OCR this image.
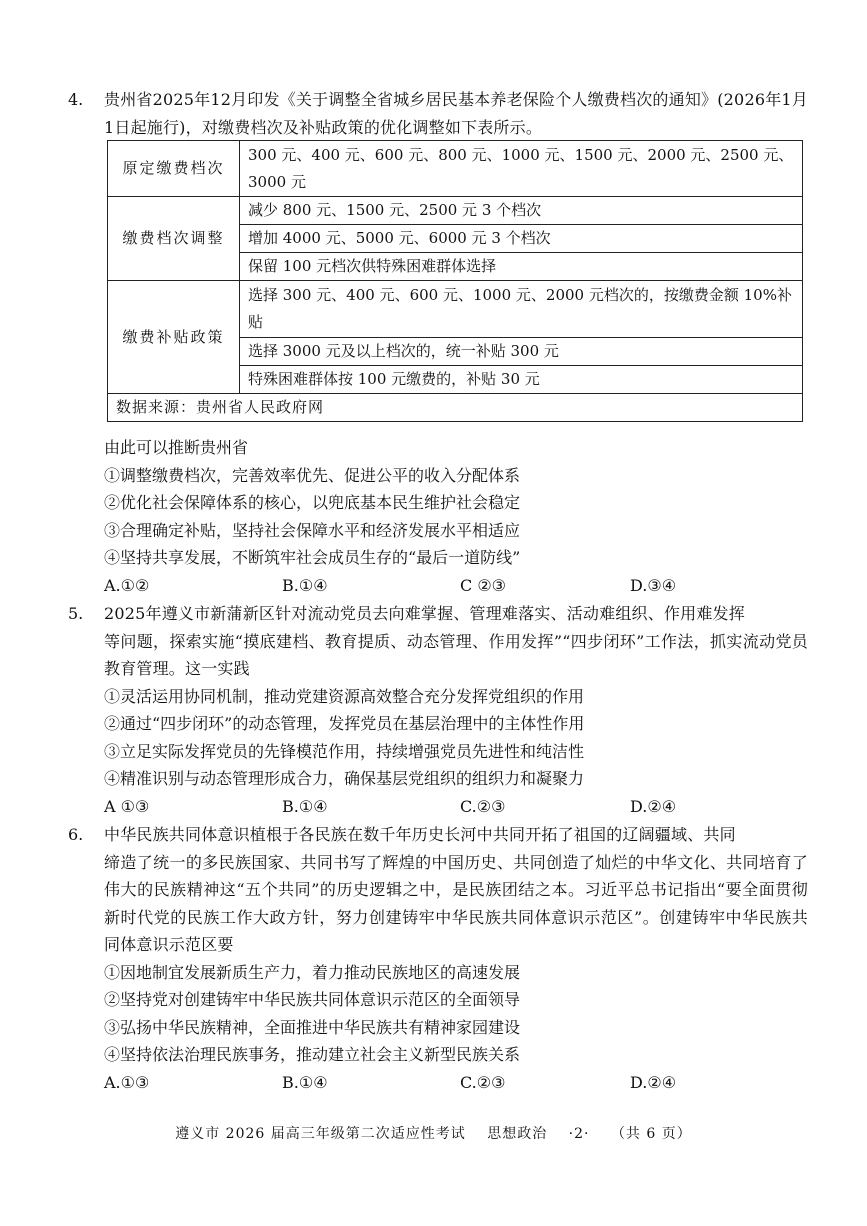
4.	贵州省2025年12月印发《关于调整全省城乡居民基本养老保险个人缴费档次的通知》(2026年1月1日起施行)，对缴费档次及补贴政策的优化调整如下表所示。
原定缴费档次	300 元、400 元、600 元、800 元、1000 元、1500 元、2000 元、2500 元、3000 元
缴费档次调整	减少 800 元、1500 元、2500 元 3 个档次
	增加 4000 元、5000 元、6000 元 3 个档次
	保留 100 元档次供特殊困难群体选择
缴费补贴政策	选择 300 元、400 元、600 元、1000 元、2000 元档次的，按缴费金额 10%补贴
	选择 3000 元及以上档次的，统一补贴 300 元
	特殊困难群体按 100 元缴费的，补贴 30 元
数据来源：贵州省人民政府网	
由此可以推断贵州省
①调整缴费档次，完善效率优先、促进公平的收入分配体系
②优化社会保障体系的核心，以兜底基本民生维护社会稳定
③合理确定补贴，坚持社会保障水平和经济发展水平相适应
④坚持共享发展，不断筑牢社会成员生存的“最后一道防线”
A.①②	B.①④	C ②③	D.③④
5.	2025年遵义市新蒲新区针对流动党员去向难掌握、管理难落实、活动难组织、作用难发挥
等问题，探索实施“摸底建档、教育提质、动态管理、作用发挥”“四步闭环”工作法，抓实流动党员教育管理。这一实践
①灵活运用协同机制，推动党建资源高效整合充分发挥党组织的作用
②通过“四步闭环”的动态管理，发挥党员在基层治理中的主体性作用
③立足实际发挥党员的先锋模范作用，持续增强党员先进性和纯洁性
④精准识别与动态管理形成合力，确保基层党组织的组织力和凝聚力
A ①③	B.①④	C.②③	D.②④
6.	中华民族共同体意识植根于各民族在数千年历史长河中共同开拓了祖国的辽阔疆域、共同
缔造了统一的多民族国家、共同书写了辉煌的中国历史、共同创造了灿烂的中华文化、共同培育了伟大的民族精神这“五个共同”的历史逻辑之中，是民族团结之本。习近平总书记指出“要全面贯彻新时代党的民族工作大政方针，努力创建铸牢中华民族共同体意识示范区”。创建铸牢中华民族共同体意识示范区要
①因地制宜发展新质生产力，着力推动民族地区的高速发展
②坚持党对创建铸牢中华民族共同体意识示范区的全面领导
③弘扬中华民族精神，全面推进中华民族共有精神家园建设
④坚持依法治理民族事务，推动建立社会主义新型民族关系
A.①③	B.①④	C.②③	D.②④
遵义市 2026 届高三年级第二次适应性考试 思想政治 ·2· （共 6 页）
